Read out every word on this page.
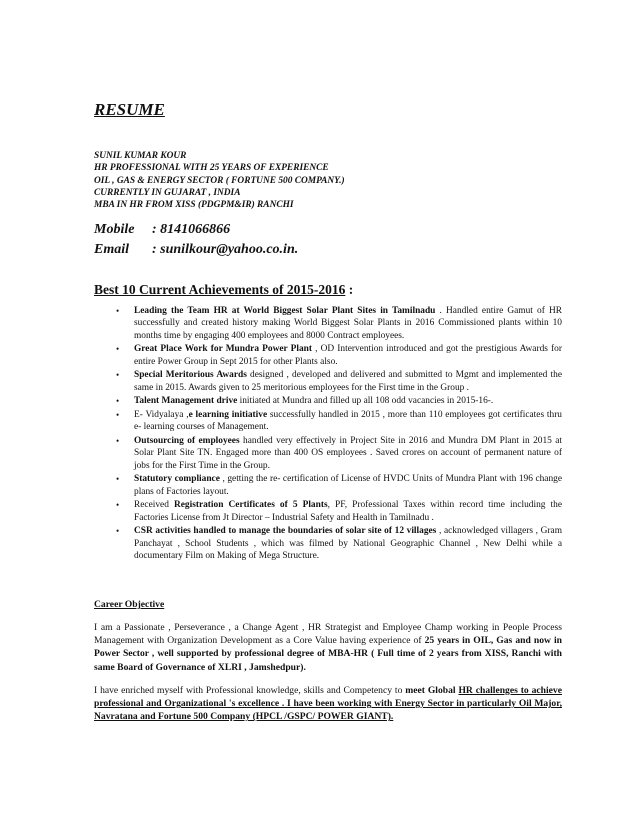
RESUME
SUNIL KUMAR KOUR
HR PROFESSIONAL WITH 25 YEARS OF EXPERIENCE
OIL , GAS & ENERGY SECTOR ( FORTUNE 500 COMPANY.)
CURRENTLY IN GUJARAT , INDIA
MBA IN HR FROM XISS (PDGPM&IR) RANCHI
Mobile : 8141066866
Email : sunilkour@yahoo.co.in.
Best 10 Current Achievements of 2015-2016 :
• Leading the Team HR at World Biggest Solar Plant Sites in Tamilnadu . Handled entire Gamut of HR successfully and created history making World Biggest Solar Plants in 2016 Commissioned plants within 10 months time by engaging 400 employees and 8000 Contract employees.
• Great Place Work for Mundra Power Plant , OD Intervention introduced and got the prestigious Awards for entire Power Group in Sept 2015 for other Plants also.
• Special Meritorious Awards designed , developed and delivered and submitted to Mgmt and implemented the same in 2015. Awards given to 25 meritorious employees for the First time in the Group .
• Talent Management drive initiated at Mundra and filled up all 108 odd vacancies in 2015-16-.
• E- Vidyalaya ,e learning initiative successfully handled in 2015 , more than 110 employees got certificates thru e- learning courses of Management.
• Outsourcing of employees handled very effectively in Project Site in 2016 and Mundra DM Plant in 2015 at Solar Plant Site TN. Engaged more than 400 OS employees . Saved crores on account of permanent nature of jobs for the First Time in the Group.
• Statutory compliance , getting the re- certification of License of HVDC Units of Mundra Plant with 196 change plans of Factories layout.
• Received Registration Certificates of 5 Plants, PF, Professional Taxes within record time including the Factories License from Jt Director – Industrial Safety and Health in Tamilnadu .
• CSR activities handled to manage the boundaries of solar site of 12 villages , acknowledged villagers , Gram Panchayat , School Students , which was filmed by National Geographic Channel , New Delhi while a documentary Film on Making of Mega Structure.
Career Objective

I am a Passionate , Perseverance , a Change Agent , HR Strategist and Employee Champ working in People Process Management with Organization Development as a Core Value having experience of 25 years in OIL, Gas and now in Power Sector , well supported by professional degree of MBA-HR ( Full time of 2 years from XISS, Ranchi with same Board of Governance of XLRI , Jamshedpur).

I have enriched myself with Professional knowledge, skills and Competency to meet Global HR challenges to achieve professional and Organizational 's excellence . I have been working with Energy Sector in particularly Oil Major, Navratana and Fortune 500 Company (HPCL /GSPC/ POWER GIANT).
